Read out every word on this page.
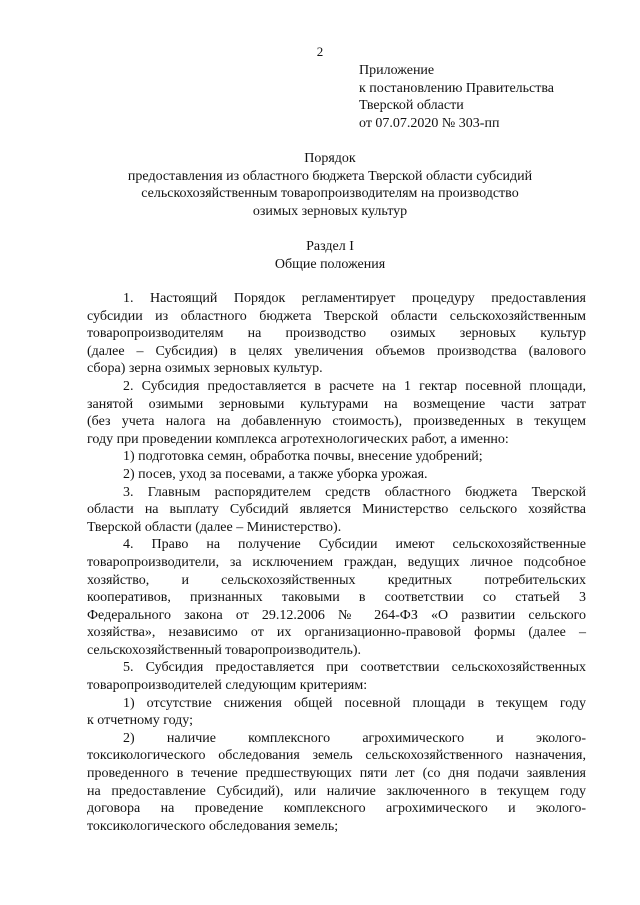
2
Приложение
к постановлению Правительства
Тверской области
от 07.07.2020 № 303-пп
Порядок
предоставления из областного бюджета Тверской области субсидий
сельскохозяйственным товаропроизводителям на производство
озимых зерновых культур
Раздел I
Общие положения
1. Настоящий Порядок регламентирует процедуру предоставления
субсидии из областного бюджета Тверской области сельскохозяйственным
товаропроизводителям на производство озимых зерновых культур
(далее – Субсидия) в целях увеличения объемов производства (валового
сбора) зерна озимых зерновых культур.
2. Субсидия предоставляется в расчете на 1 гектар посевной площади,
занятой озимыми зерновыми культурами на возмещение части затрат
(без учета налога на добавленную стоимость), произведенных в текущем
году при проведении комплекса агротехнологических работ, а именно:
1) подготовка семян, обработка почвы, внесение удобрений;
2) посев, уход за посевами, а также уборка урожая.
3. Главным распорядителем средств областного бюджета Тверской
области на выплату Субсидий является Министерство сельского хозяйства
Тверской области (далее – Министерство).
4. Право на получение Субсидии имеют сельскохозяйственные
товаропроизводители, за исключением граждан, ведущих личное подсобное
хозяйство, и сельскохозяйственных кредитных потребительских
кооперативов, признанных таковыми в соответствии со статьей 3
Федерального закона от 29.12.2006 № 264-ФЗ «О развитии сельского
хозяйства», независимо от их организационно-правовой формы (далее –
сельскохозяйственный товаропроизводитель).
5. Субсидия предоставляется при соответствии сельскохозяйственных
товаропроизводителей следующим критериям:
1) отсутствие снижения общей посевной площади в текущем году
к отчетному году;
2) наличие комплексного агрохимического и эколого-
токсикологического обследования земель сельскохозяйственного назначения,
проведенного в течение предшествующих пяти лет (со дня подачи заявления
на предоставление Субсидий), или наличие заключенного в текущем году
договора на проведение комплексного агрохимического и эколого-
токсикологического обследования земель;
